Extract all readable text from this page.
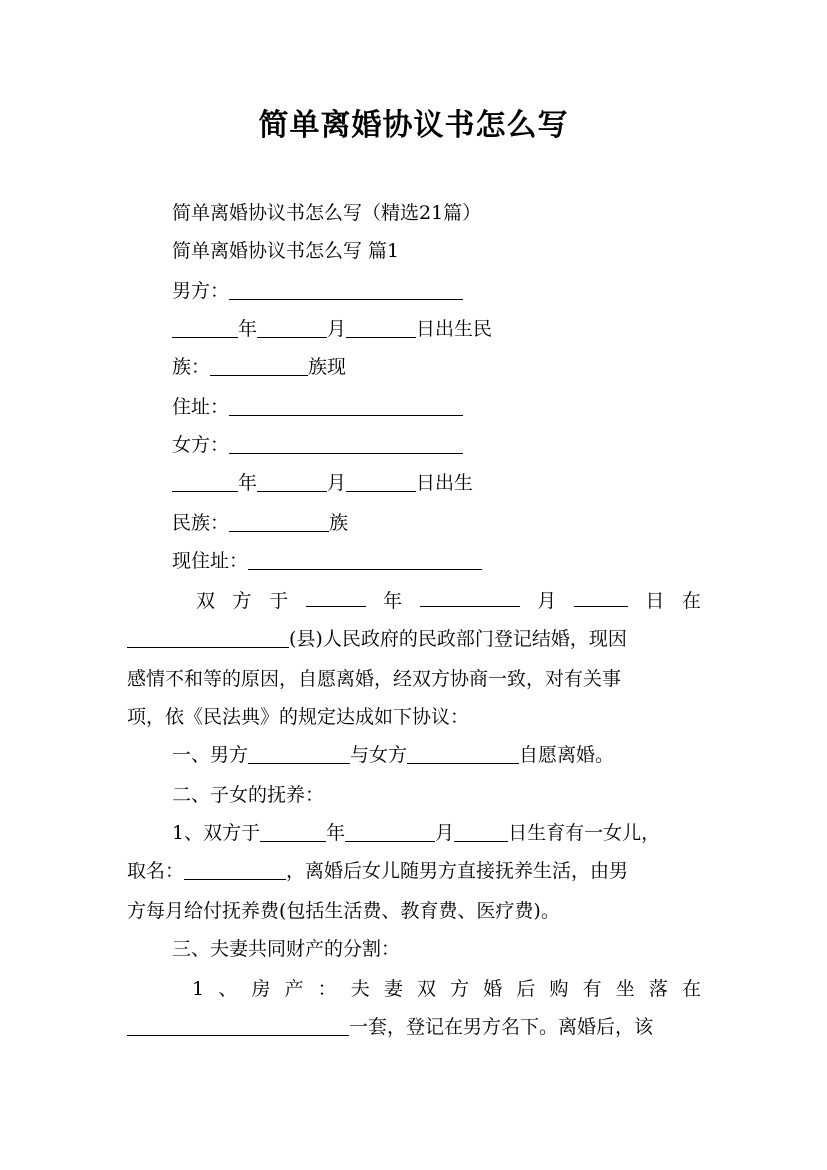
简单离婚协议书怎么写
简单离婚协议书怎么写（精选21篇）
简单离婚协议书怎么写 篇1
男方：
年	月	日出生民
族：	族现
住址：
女方：
年	月	日出生
民族：	族
现住址：
双 方 于	年	月	日 在
(县)人民政府的民政部门登记结婚，现因
感情不和等的原因，自愿离婚，经双方协商一致，对有关事
项，依《民法典》的规定达成如下协议：
一、男方	与女方	自愿离婚。
二、子女的抚养：
1、双方于	年	月	日生育有一女儿，
取名：	，离婚后女儿随男方直接抚养生活，由男
方每月给付抚养费(包括生活费、教育费、医疗费)。
三、夫妻共同财产的分割：
1 、 房 产 ： 夫 妻 双 方 婚 后 购 有 坐 落 在
一套，登记在男方名下。离婚后，该
